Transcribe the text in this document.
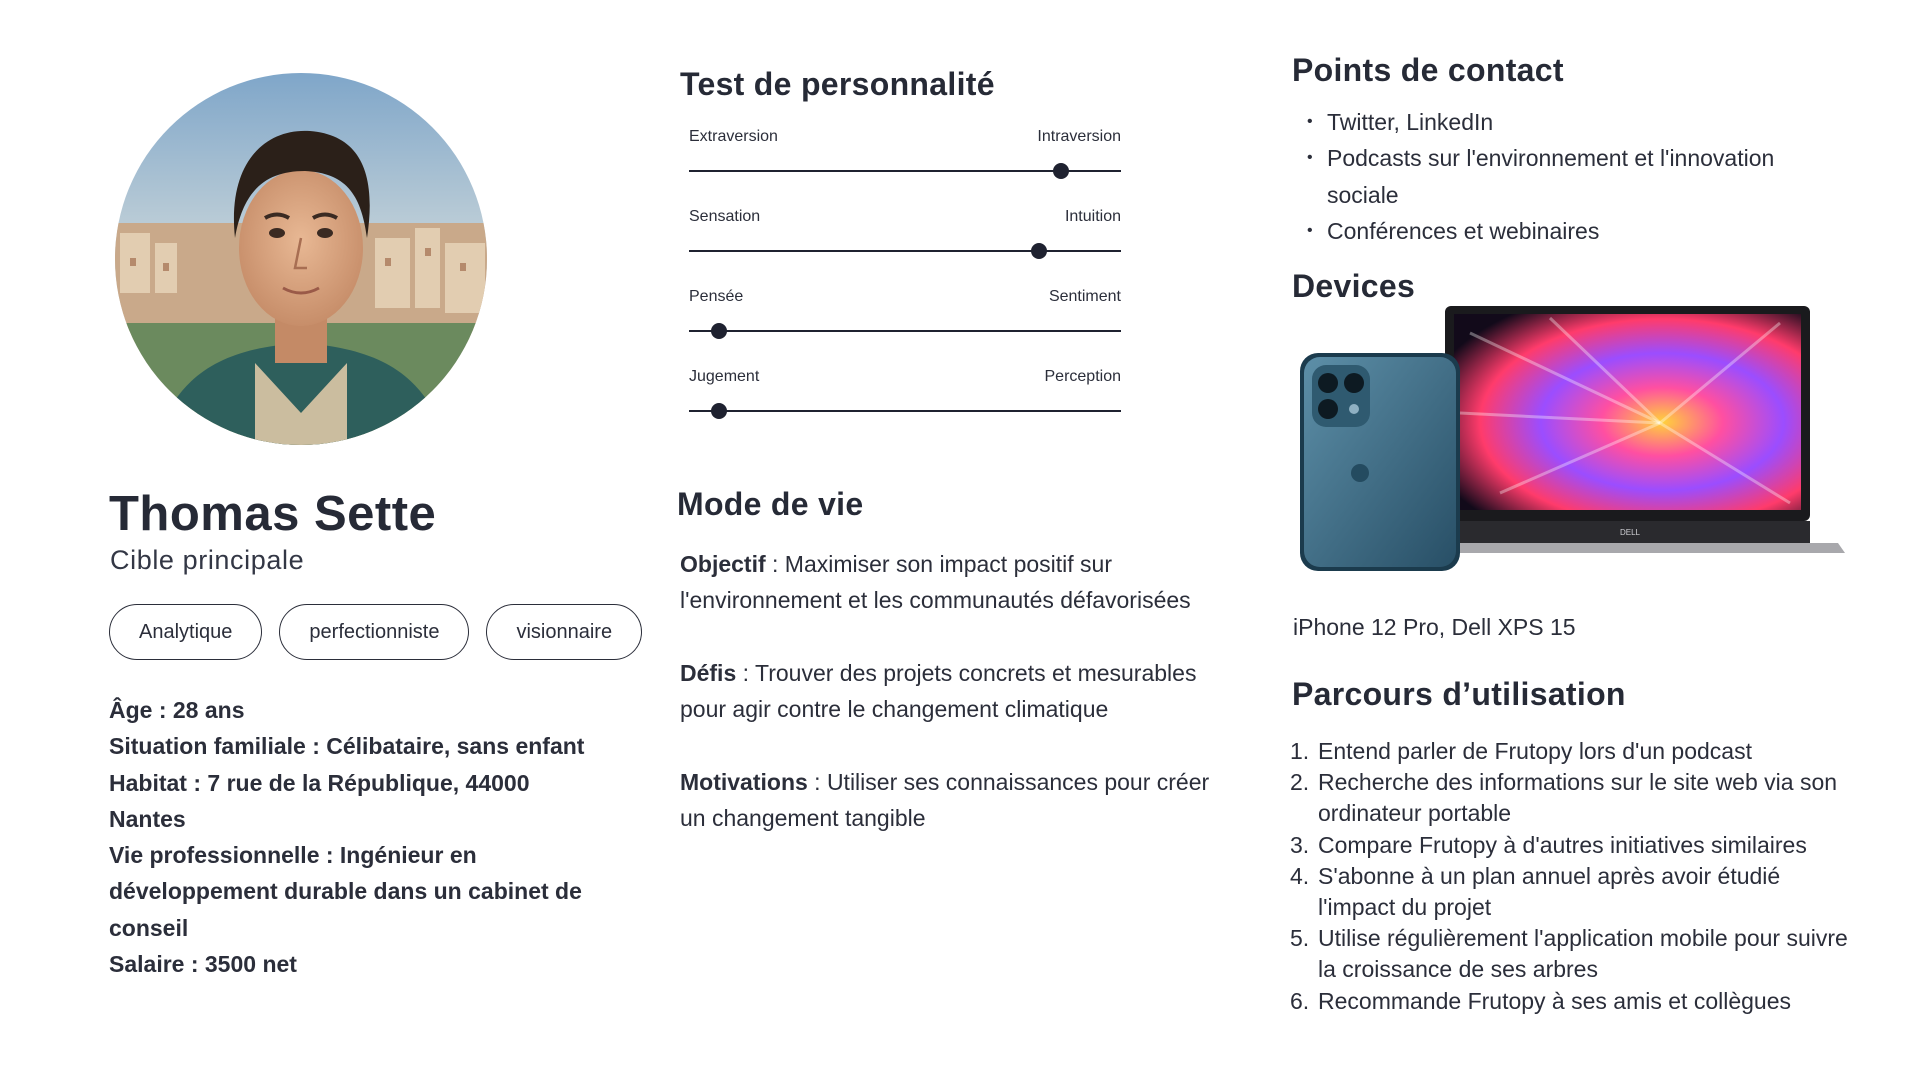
Thomas Sette
Cible principale
Analytique	perfectionniste	visionnaire
Âge : 28 ans
Situation familiale : Célibataire, sans enfant
Habitat : 7 rue de la République, 44000
Nantes
Vie professionnelle : Ingénieur en
développement durable dans un cabinet de
conseil
Salaire : 3500 net
Test de personnalité
Extraversion	Intraversion
Sensation	Intuition
Pensée	Sentiment
Jugement	Perception
Mode de vie

Objectif : Maximiser son impact positif sur l'environnement et les communautés défavorisées

Défis : Trouver des projets concrets et mesurables pour agir contre le changement climatique

Motivations : Utiliser ses connaissances pour créer un changement tangible

Points de contact
• Twitter, LinkedIn
• Podcasts sur l'environnement et l'innovation sociale
• Conférences et webinaires
Devices
DELL
iPhone 12 Pro, Dell XPS 15
Parcours d’utilisation
1. Entend parler de Frutopy lors d'un podcast
2. Recherche des informations sur le site web via son ordinateur portable
3. Compare Frutopy à d'autres initiatives similaires
4. S'abonne à un plan annuel après avoir étudié l'impact du projet
5. Utilise régulièrement l'application mobile pour suivre la croissance de ses arbres
6. Recommande Frutopy à ses amis et collègues
